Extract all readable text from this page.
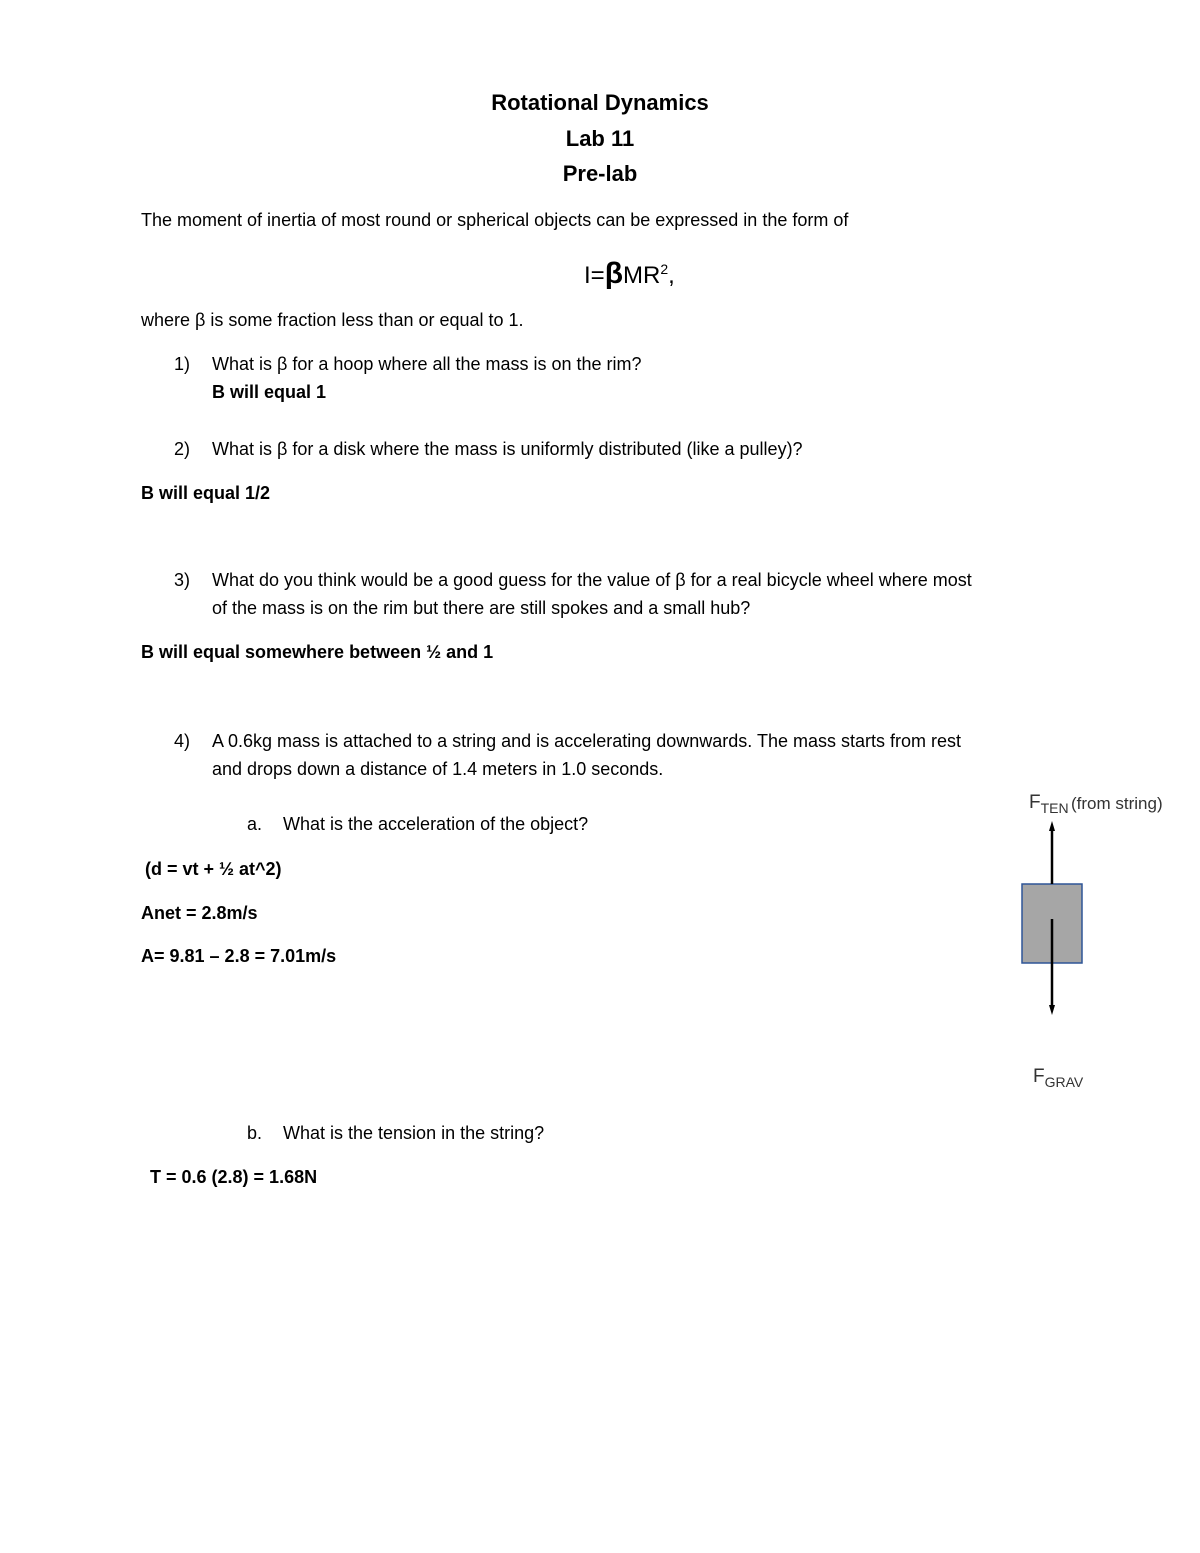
Rotational Dynamics
Lab 11
Pre-lab
The moment of inertia of most round or spherical objects can be expressed in the form of
I=βMR$^2$,
where β is some fraction less than or equal to 1.
1) What is β for a hoop where all the mass is on the rim?
B will equal 1
2) What is β for a disk where the mass is uniformly distributed (like a pulley)?
B will equal 1/2
3) What do you think would be a good guess for the value of β for a real bicycle wheel where most
of the mass is on the rim but there are still spokes and a small hub?
B will equal somewhere between ½ and 1
4) A 0.6kg mass is attached to a string and is accelerating downwards. The mass starts from rest
and drops down a distance of 1.4 meters in 1.0 seconds.
a. What is the acceleration of the object?
(d = vt + ½ at^2)
Anet = 2.8m/s
A= 9.81 – 2.8 = 7.01m/s
b. What is the tension in the string?
T = 0.6 (2.8) = 1.68N
$F_{TEN}$ (from string)
$F_{GRAV}$
